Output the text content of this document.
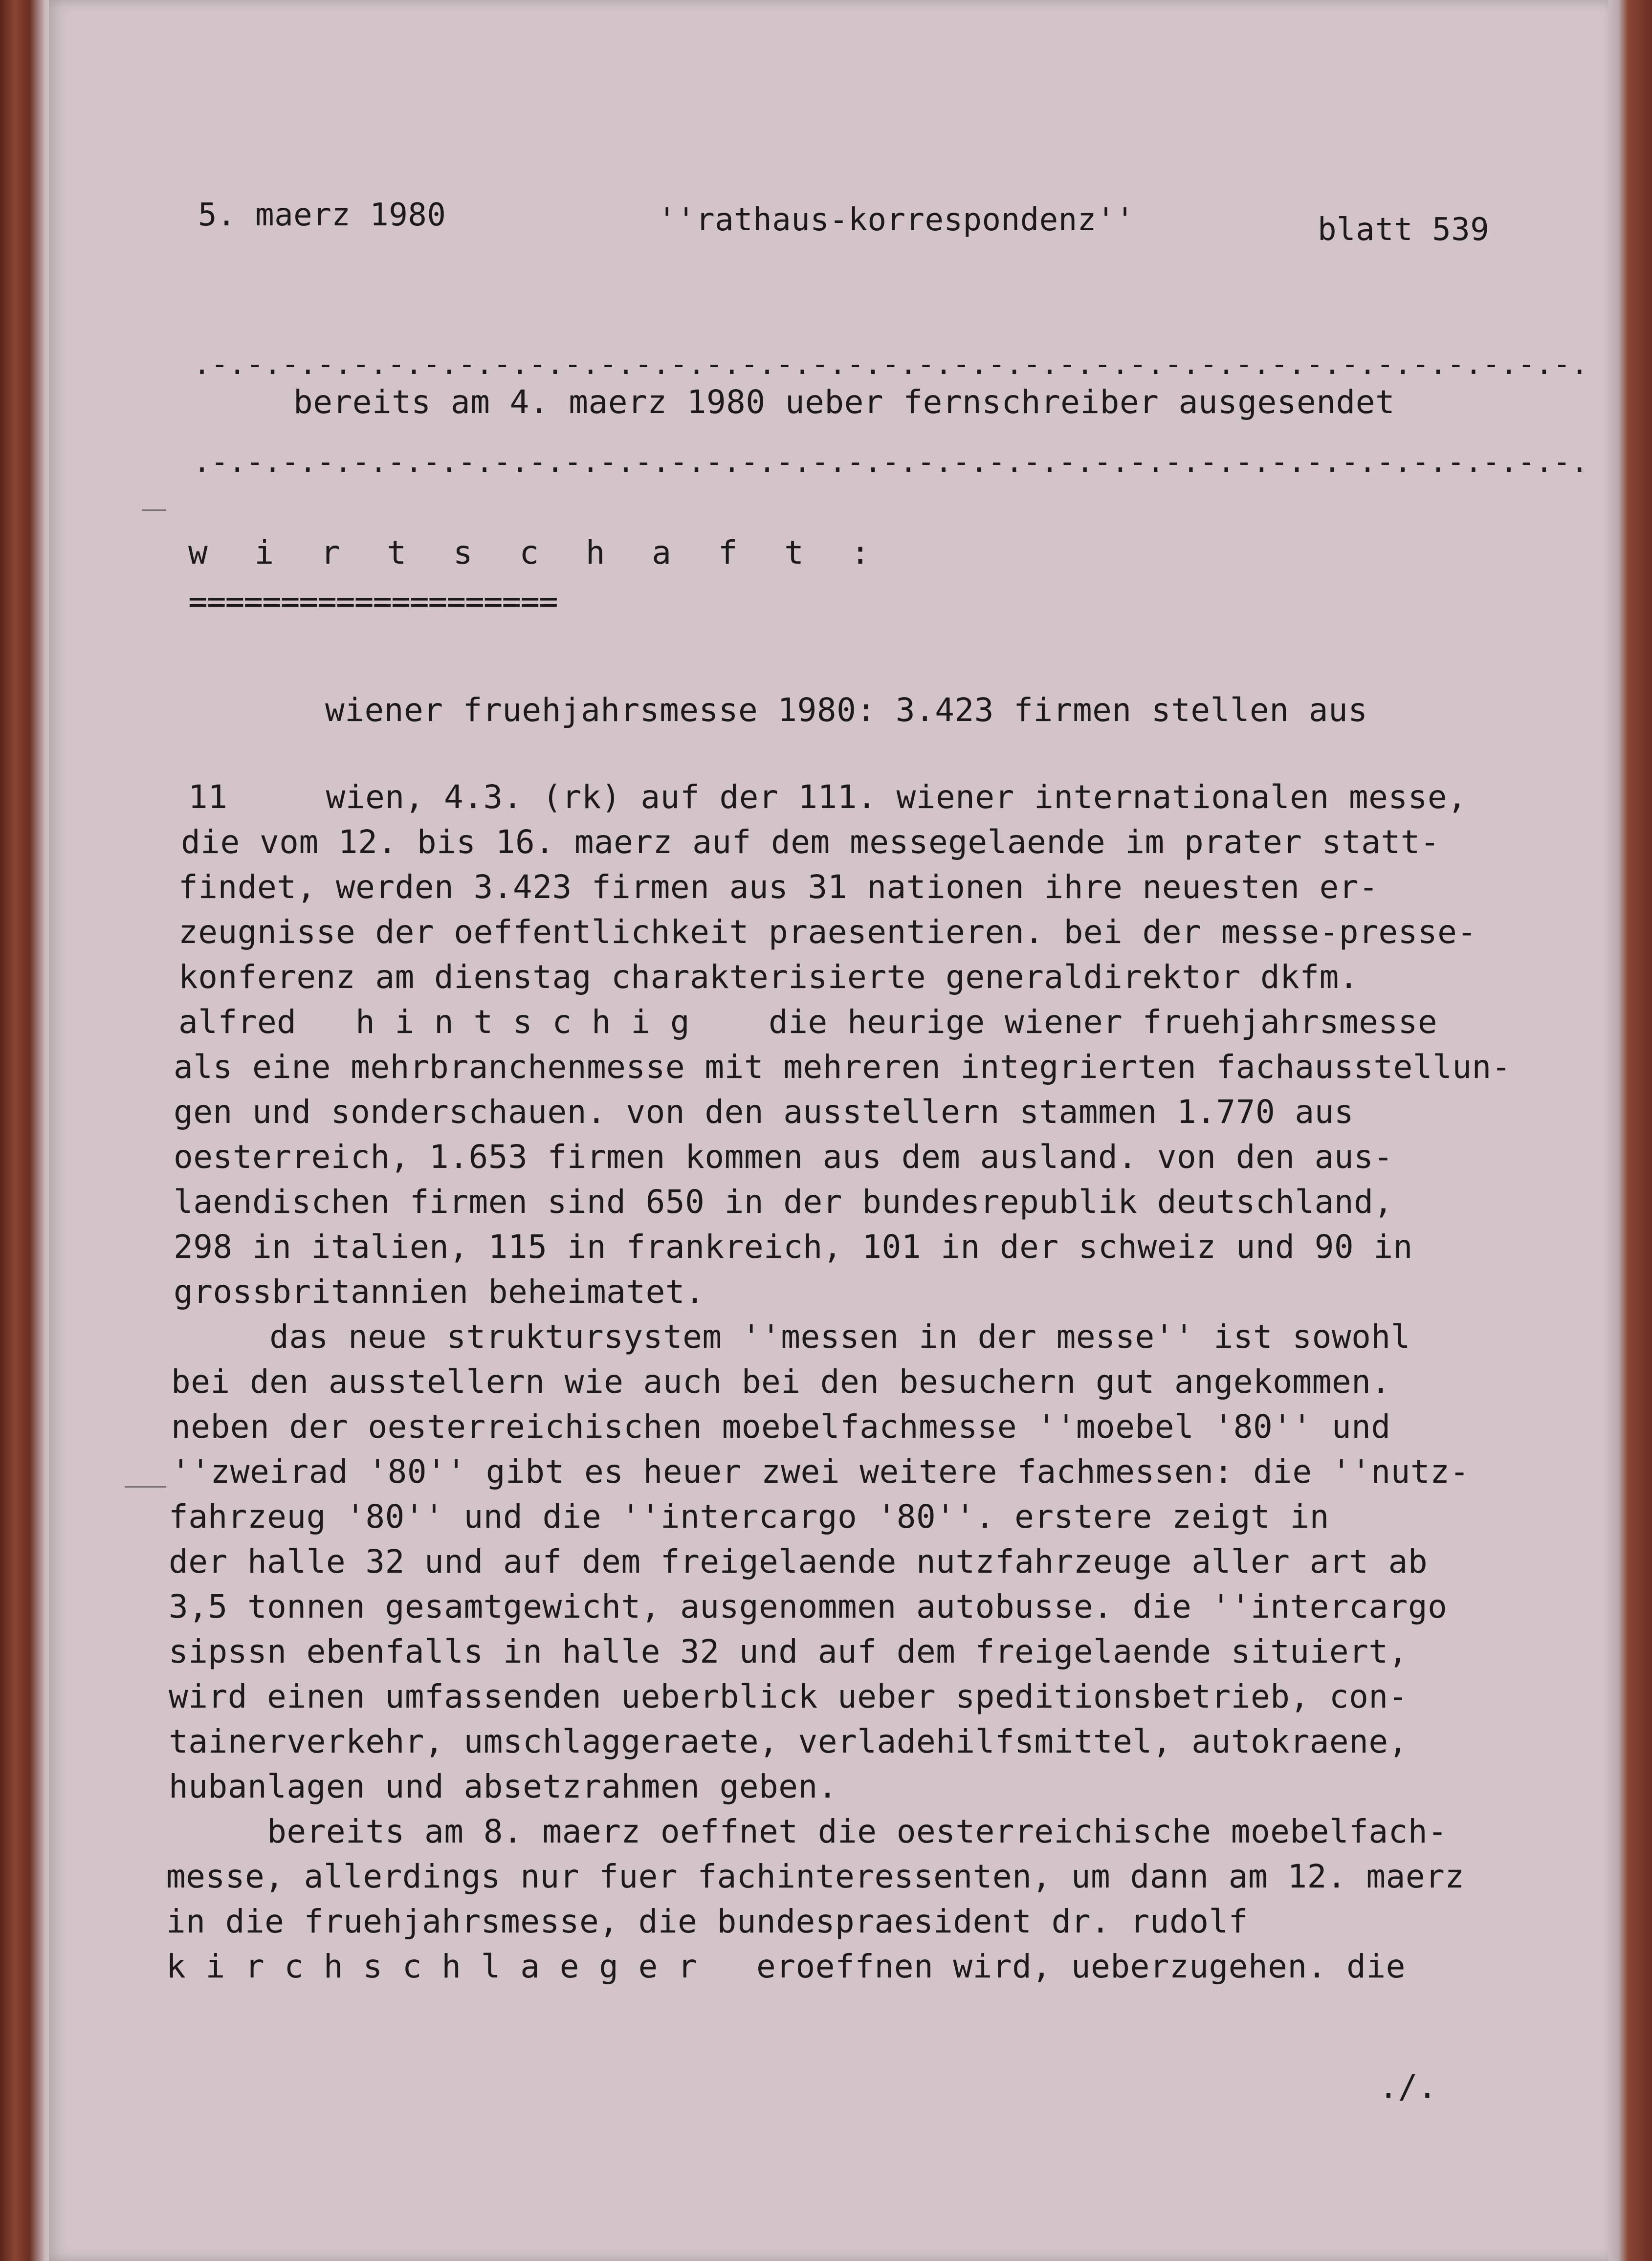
5. maerz 1980	''rathaus-korrespondenz''	blatt 539
.-.-.-.-.-.-.-.-.-.-.-.-.-.-.-.-.-.-.-.-.-.-.-.-.-.-.-.-.-.-.-.-.-.-.-.-.-.-.-.
bereits am 4. maerz 1980 ueber fernschreiber ausgesendet
.-.-.-.-.-.-.-.-.-.-.-.-.-.-.-.-.-.-.-.-.-.-.-.-.-.-.-.-.-.-.-.-.-.-.-.-.-.-.-.
w i r t s c h a f t :
====================
wiener fruehjahrsmesse 1980: 3.423 firmen stellen aus
11     wien, 4.3. (rk) auf der 111. wiener internationalen messe,
die vom 12. bis 16. maerz auf dem messegelaende im prater statt-
findet, werden 3.423 firmen aus 31 nationen ihre neuesten er-
zeugnisse der oeffentlichkeit praesentieren. bei der messe-presse-
konferenz am dienstag charakterisierte generaldirektor dkfm.
alfred   h i n t s c h i g    die heurige wiener fruehjahrsmesse
als eine mehrbranchenmesse mit mehreren integrierten fachausstellun-
gen und sonderschauen. von den ausstellern stammen 1.770 aus
oesterreich, 1.653 firmen kommen aus dem ausland. von den aus-
laendischen firmen sind 650 in der bundesrepublik deutschland,
298 in italien, 115 in frankreich, 101 in der schweiz und 90 in
grossbritannien beheimatet.
das neue struktursystem ''messen in der messe'' ist sowohl
bei den ausstellern wie auch bei den besuchern gut angekommen.
neben der oesterreichischen moebelfachmesse ''moebel '80'' und
''zweirad '80'' gibt es heuer zwei weitere fachmessen: die ''nutz-
fahrzeug '80'' und die ''intercargo '80''. erstere zeigt in
der halle 32 und auf dem freigelaende nutzfahrzeuge aller art ab
3,5 tonnen gesamtgewicht, ausgenommen autobusse. die ''intercargo
sipssn ebenfalls in halle 32 und auf dem freigelaende situiert,
wird einen umfassenden ueberblick ueber speditionsbetrieb, con-
tainerverkehr, umschlaggeraete, verladehilfsmittel, autokraene,
hubanlagen und absetzrahmen geben.
bereits am 8. maerz oeffnet die oesterreichische moebelfach-
messe, allerdings nur fuer fachinteressenten, um dann am 12. maerz
in die fruehjahrsmesse, die bundespraesident dr. rudolf
k i r c h s c h l a e g e r   eroeffnen wird, ueberzugehen. die
./.
